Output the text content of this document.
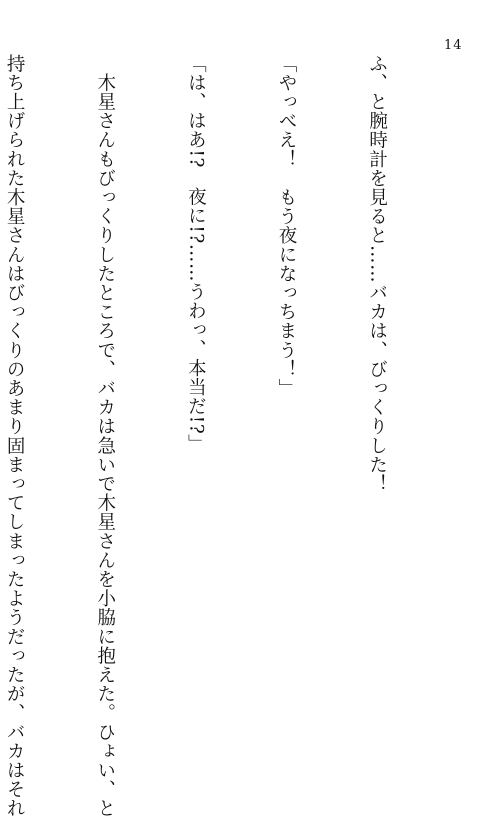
14

ふ、と腕時計を見ると……バカは、びっくりした！

「やっべえ！　もう夜になっちまう！」

「は、はあ!?　夜に!?……うわっ、本当だ!?」

　木星さんもびっくりしたところで、バカは急いで木星さんを小脇に抱えた。ひょい、と

持ち上げられた木星さんはびっくりのあまり固まってしまったようだったが、バカはそれ
